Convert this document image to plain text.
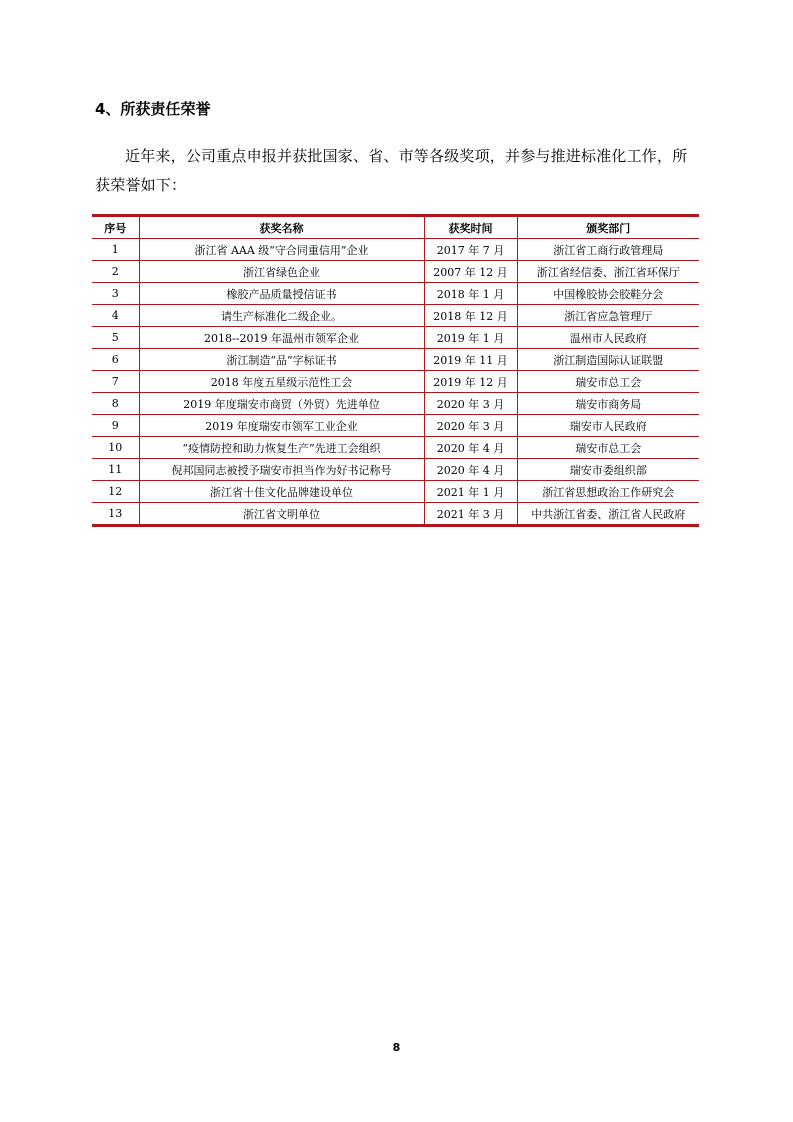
4、所获责任荣誉

近年来，公司重点申报并获批国家、省、市等各级奖项，并参与推进标准化工作，所获荣誉如下：

序号	获奖名称	获奖时间	颁奖部门
1	浙江省 AAA 级“守合同重信用”企业	2017 年 7 月	浙江省工商行政管理局
2	浙江省绿色企业	2007 年 12 月	浙江省经信委、浙江省环保厅
3	橡胶产品质量授信证书	2018 年 1 月	中国橡胶协会胶鞋分会
4	请生产标准化二级企业。	2018 年 12 月	浙江省应急管理厅
5	2018--2019 年温州市领军企业	2019 年 1 月	温州市人民政府
6	浙江制造“品”字标证书	2019 年 11 月	浙江制造国际认证联盟
7	2018 年度五星级示范性工会	2019 年 12 月	瑞安市总工会
8	2019 年度瑞安市商贸（外贸）先进单位	2020 年 3 月	瑞安市商务局
9	2019 年度瑞安市领军工业企业	2020 年 3 月	瑞安市人民政府
10	“疫情防控和助力恢复生产”先进工会组织	2020 年 4 月	瑞安市总工会
11	倪邦国同志被授予瑞安市担当作为好书记称号	2020 年 4 月	瑞安市委组织部
12	浙江省十佳文化品牌建设单位	2021 年 1 月	浙江省思想政治工作研究会
13	浙江省文明单位	2021 年 3 月	中共浙江省委、浙江省人民政府
8
